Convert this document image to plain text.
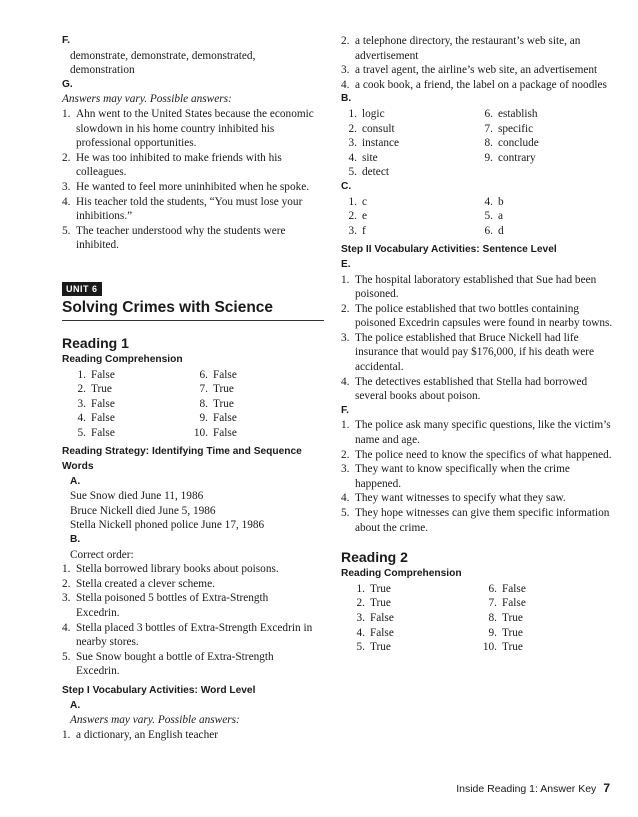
F.
demonstrate, demonstrate, demonstrated, demonstration
G.
Answers may vary. Possible answers:
1. Ahn went to the United States because the economic slowdown in his home country inhibited his professional opportunities.
2. He was too inhibited to make friends with his colleagues.
3. He wanted to feel more uninhibited when he spoke.
4. His teacher told the students, “You must lose your inhibitions.”
5. The teacher understood why the students were inhibited.
UNIT 6
Solving Crimes with Science
Reading 1
Reading Comprehension
1. False	6. False
2. True	7. True
3. False	8. True
4. False	9. False
5. False	10. False
Reading Strategy: Identifying Time and Sequence Words
A.
Sue Snow died June 11, 1986
Bruce Nickell died June 5, 1986
Stella Nickell phoned police June 17, 1986
B.
Correct order:
1. Stella borrowed library books about poisons.
2. Stella created a clever scheme.
3. Stella poisoned 5 bottles of Extra-Strength Excedrin.
4. Stella placed 3 bottles of Extra-Strength Excedrin in nearby stores.
5. Sue Snow bought a bottle of Extra-Strength Excedrin.
Step I Vocabulary Activities: Word Level
A.
Answers may vary. Possible answers:
1. a dictionary, an English teacher
2. a telephone directory, the restaurant’s web site, an advertisement
3. a travel agent, the airline’s web site, an advertisement
4. a cook book, a friend, the label on a package of noodles
B.
1. logic	6. establish
2. consult	7. specific
3. instance	8. conclude
4. site	9. contrary
5. detect
C.
1. c	4. b
2. e	5. a
3. f	6. d
Step II Vocabulary Activities: Sentence Level
E.
1. The hospital laboratory established that Sue had been poisoned.
2. The police established that two bottles containing poisoned Excedrin capsules were found in nearby towns.
3. The police established that Bruce Nickell had life insurance that would pay $176,000, if his death were accidental.
4. The detectives established that Stella had borrowed several books about poison.
F.
1. The police ask many specific questions, like the victim’s name and age.
2. The police need to know the specifics of what happened.
3. They want to know specifically when the crime happened.
4. They want witnesses to specify what they saw.
5. They hope witnesses can give them specific information about the crime.
Reading 2
Reading Comprehension
1. True	6. False
2. True	7. False
3. False	8. True
4. False	9. True
5. True	10. True
Inside Reading 1: Answer Key 7
